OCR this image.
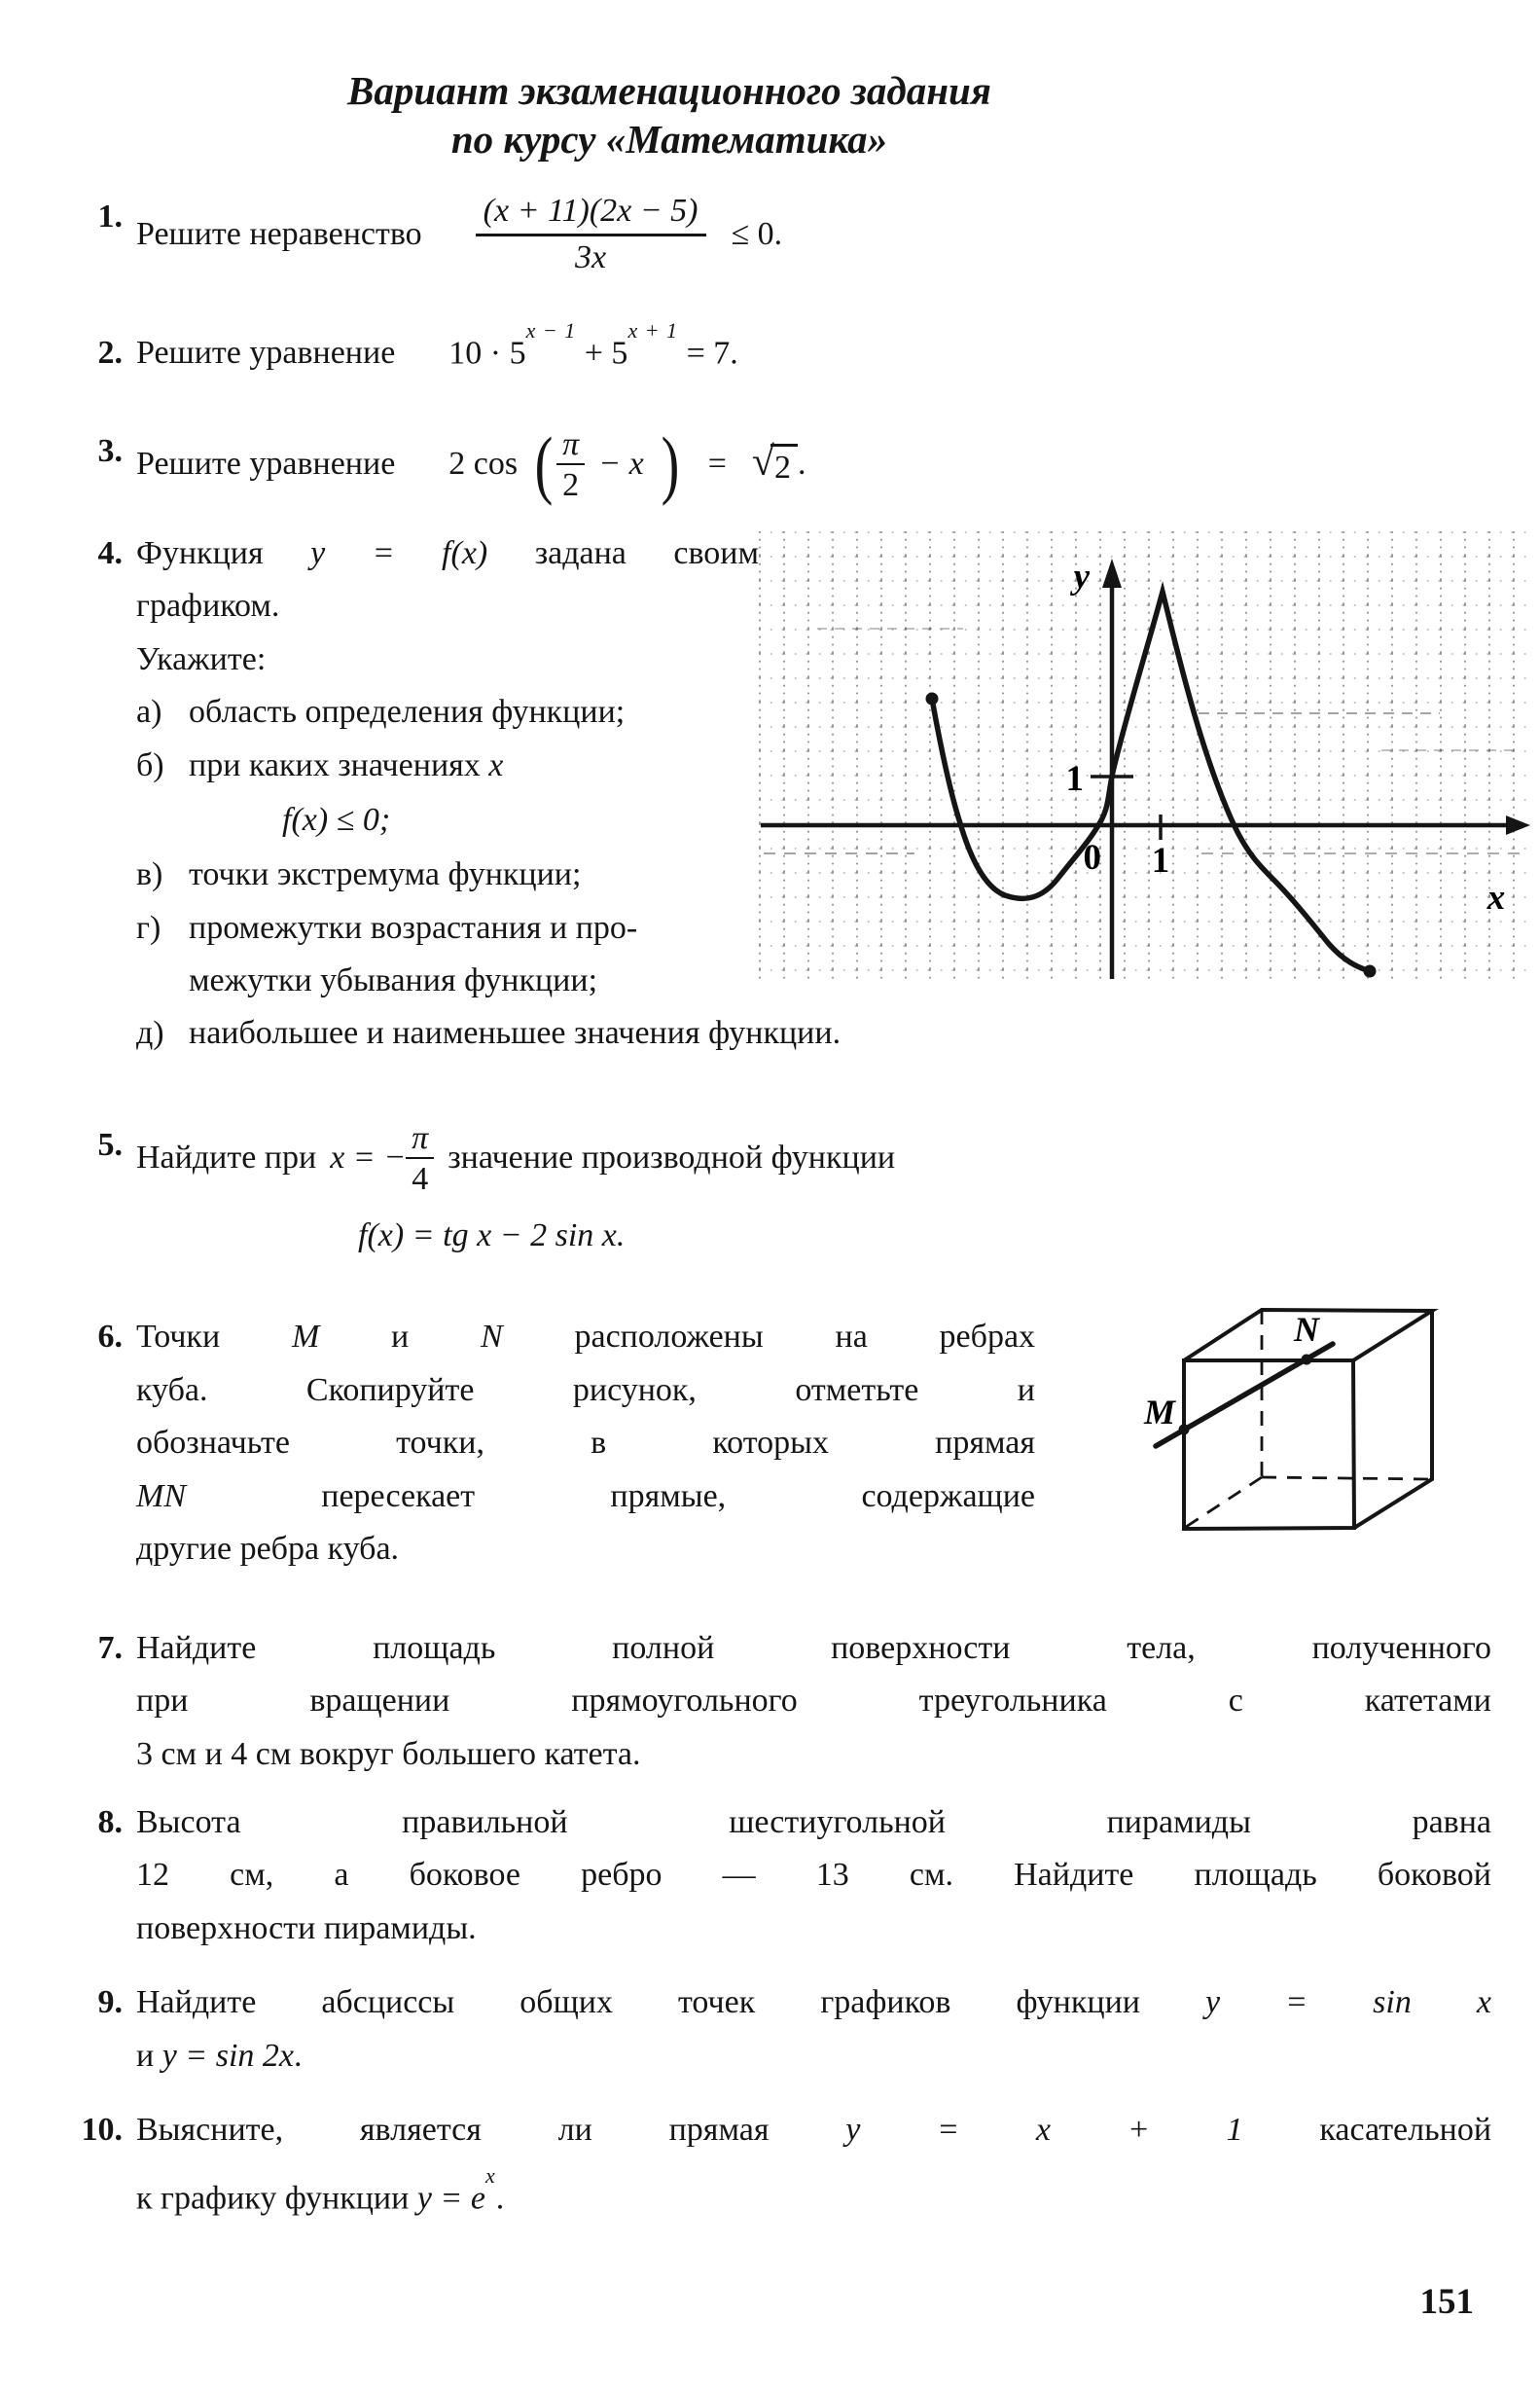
Вариант экзаменационного задания
по курсу «Математика»
1. Решите неравенство $\frac{(x + 11)(2x - 5)}{3x} \le 0$.
2. Решите уравнение $10 \cdot 5^{x - 1} + 5^{x + 1} = 7$.
3. Решите уравнение 2 cos ( $\frac{\pi}{2} - x$ ) = √ 2 .
4. Функция y = f(x) задана своим
графиком.
Укажите:
а) область определения функции;
б) при каких значениях x
f(x) ≤ 0;
в) точки экстремума функции;
г) промежутки возрастания и про-
межутки убывания функции;
y
x
1
0 1
д) наибольшее и наименьшее значения функции.
5. Найдите при x = − $\frac{\pi}{4}$ значение производной функции
f(x) = tg x − 2 sin x.
6. Точки M и N расположены на ребрах
куба. Скопируйте рисунок, отметьте и
обозначьте точки, в которых прямая
MN	пересекает прямые, содержащие
другие ребра куба.
M
N
7. Найдите площадь полной поверхности тела, полученного
при вращении прямоугольного треугольника с катетами
3 см и 4 см вокруг большего катета.
8. Высота правильной шестиугольной пирамиды равна
12 см, а боковое ребро — 13 см. Найдите площадь боковой
поверхности пирамиды.
9. Найдите абсциссы общих точек графиков функции y = sin x
и y = sin 2x.
10. Выясните, является ли прямая y = x + 1 касательной
к графику функции $y = e^x$.
151
